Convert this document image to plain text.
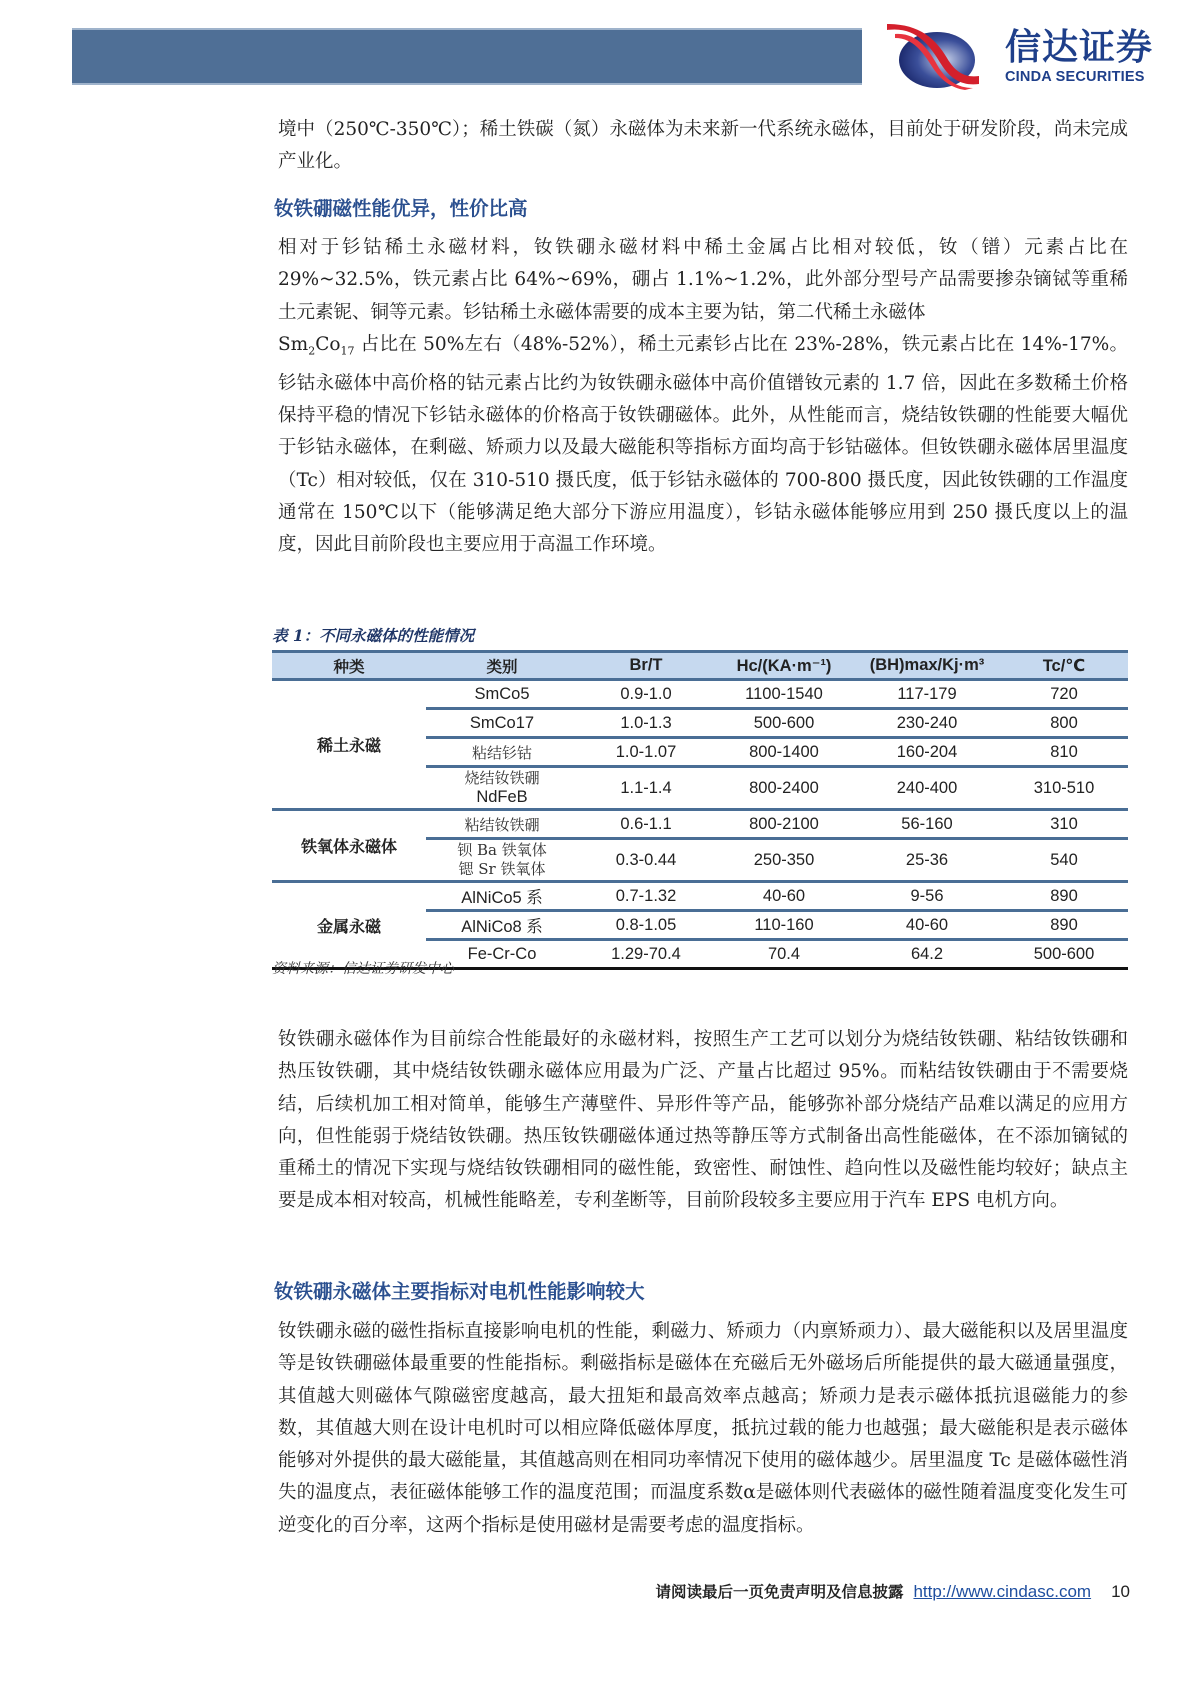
信达证券
CINDA SECURITIES

境中（250℃-350℃）；稀土铁碳（氮）永磁体为未来新一代系统永磁体，目前处于研发阶段，尚未完成产业化。

钕铁硼磁性能优异，性价比高

相对于钐钴稀土永磁材料，钕铁硼永磁材料中稀土金属占比相对较低，钕（镨）元素占比在29%~32.5%，铁元素占比 64%~69%，硼占 1.1%~1.2%，此外部分型号产品需要掺杂镝铽等重稀土元素铌、铜等元素。钐钴稀土永磁体需要的成本主要为钴，第二代稀土永磁体
$Sm_2Co_{17}$ 占比在 50%左右（48%-52%），稀土元素钐占比在 23%-28%，铁元素占比在 14%-17%。钐钴永磁体中高价格的钴元素占比约为钕铁硼永磁体中高价值镨钕元素的 1.7 倍，因此在多数稀土价格保持平稳的情况下钐钴永磁体的价格高于钕铁硼磁体。此外，从性能而言，烧结钕铁硼的性能要大幅优于钐钴永磁体，在剩磁、矫顽力以及最大磁能积等指标方面均高于钐钴磁体。但钕铁硼永磁体居里温度（Tc）相对较低，仅在 310-510 摄氏度，低于钐钴永磁体的 700-800 摄氏度，因此钕铁硼的工作温度通常在 150℃以下（能够满足绝大部分下游应用温度），钐钴永磁体能够应用到 250 摄氏度以上的温度，因此目前阶段也主要应用于高温工作环境。

表 1：不同永磁体的性能情况
种类	类别	Br/T	Hc/(KA·m⁻¹)	(BH)max/Kj·m³	Tc/℃
稀土永磁	SmCo5	0.9-1.0	1100-1540	117-179	720
	SmCo17	1.0-1.3	500-600	230-240	800
	粘结钐钴	1.0-1.07	800-1400	160-204	810
	烧结钕铁硼
NdFeB	1.1-1.4	800-2400	240-400	310-510
铁氧体永磁体	粘结钕铁硼	0.6-1.1	800-2100	56-160	310
	钡 Ba 铁氧体
锶 Sr 铁氧体	0.3-0.44	250-350	25-36	540
金属永磁	AlNiCo5 系	0.7-1.32	40-60	9-56	890
	AlNiCo8 系	0.8-1.05	110-160	40-60	890
	Fe-Cr-Co	1.29-70.4	70.4	64.2	500-600
资料来源：信达证券研发中心

钕铁硼永磁体作为目前综合性能最好的永磁材料，按照生产工艺可以划分为烧结钕铁硼、粘结钕铁硼和热压钕铁硼，其中烧结钕铁硼永磁体应用最为广泛、产量占比超过 95%。而粘结钕铁硼由于不需要烧结，后续机加工相对简单，能够生产薄壁件、异形件等产品，能够弥补部分烧结产品难以满足的应用方向，但性能弱于烧结钕铁硼。热压钕铁硼磁体通过热等静压等方式制备出高性能磁体，在不添加镝铽的重稀土的情况下实现与烧结钕铁硼相同的磁性能，致密性、耐蚀性、趋向性以及磁性能均较好；缺点主要是成本相对较高，机械性能略差，专利垄断等，目前阶段较多主要应用于汽车 EPS 电机方向。

钕铁硼永磁体主要指标对电机性能影响较大

钕铁硼永磁的磁性指标直接影响电机的性能，剩磁力、矫顽力（内禀矫顽力）、最大磁能积以及居里温度等是钕铁硼磁体最重要的性能指标。剩磁指标是磁体在充磁后无外磁场后所能提供的最大磁通量强度，其值越大则磁体气隙磁密度越高，最大扭矩和最高效率点越高；矫顽力是表示磁体抵抗退磁能力的参数，其值越大则在设计电机时可以相应降低磁体厚度，抵抗过载的能力也越强；最大磁能积是表示磁体能够对外提供的最大磁能量，其值越高则在相同功率情况下使用的磁体越少。居里温度 Tc 是磁体磁性消失的温度点，表征磁体能够工作的温度范围；而温度系数α是磁体则代表磁体的磁性随着温度变化发生可逆变化的百分率，这两个指标是使用磁材是需要考虑的温度指标。

请阅读最后一页免责声明及信息披露 http://www.cindasc.com 10
